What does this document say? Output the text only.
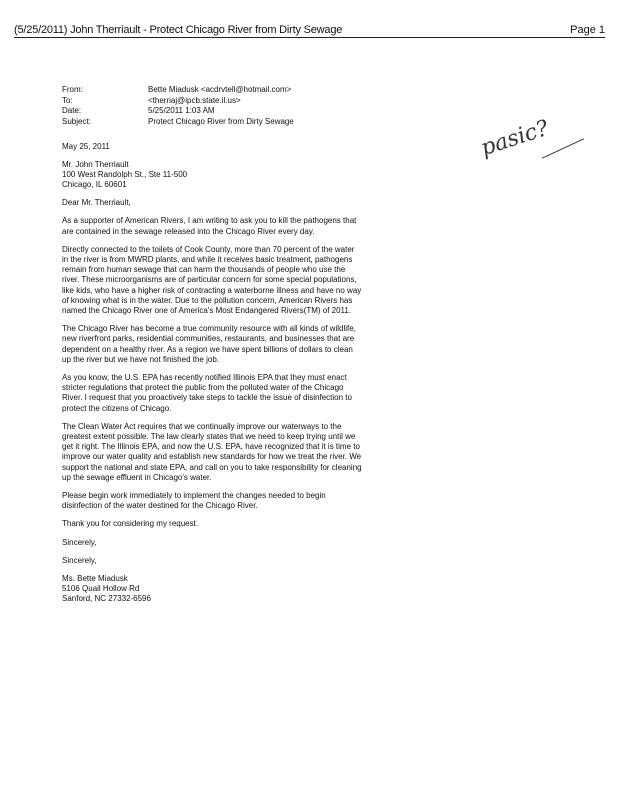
(5/25/2011) John Therriault - Protect Chicago River from Dirty Sewage	Page 1
From:	Bette Miadusk <acdrvtell@hotmail.com>
To:	<therriaj@ipcb.state.il.us>
Date:	5/25/2011 1:03 AM
Subject:	Protect Chicago River from Dirty Sewage	pasic?

May 25, 2011

Mr. John Therriault
100 West Randolph St., Ste 11-500
Chicago, IL 60601

Dear Mr. Therriault,

As a supporter of American Rivers, I am writing to ask you to kill the pathogens that are contained in the sewage released into the Chicago River every day.

Directly connected to the toilets of Cook County, more than 70 percent of the water in the river is from MWRD plants, and while it receives basic treatment, pathogens remain from human sewage that can harm the thousands of people who use the river. These microorganisms are of particular concern for some special populations, like kids, who have a higher risk of contracting a waterborne illness and have no way of knowing what is in the water. Due to the pollution concern, American Rivers has named the Chicago River one of America's Most Endangered Rivers(TM) of 2011.

The Chicago River has become a true community resource with all kinds of wildlife, new riverfront parks, residential communities, restaurants, and businesses that are dependent on a healthy river. As a region we have spent billions of dollars to clean up the river but we have not finished the job.

As you know, the U.S. EPA has recently notified Illinois EPA that they must enact stricter regulations that protect the public from the polluted water of the Chicago River. I request that you proactively take steps to tackle the issue of disinfection to protect the citizens of Chicago.

The Clean Water Act requires that we continually improve our waterways to the greatest extent possible. The law clearly states that we need to keep trying until we get it right. The Illinois EPA, and now the U.S. EPA, have recognized that it is time to improve our water quality and establish new standards for how we treat the river. We support the national and state EPA, and call on you to take responsibility for cleaning up the sewage effluent in Chicago's water.

Please begin work immediately to implement the changes needed to begin disinfection of the water destined for the Chicago River.

Thank you for considering my request.

Sincerely,

Sincerely,

Ms. Bette Miadusk
5106 Quail Hollow Rd
Sanford, NC 27332-6596
